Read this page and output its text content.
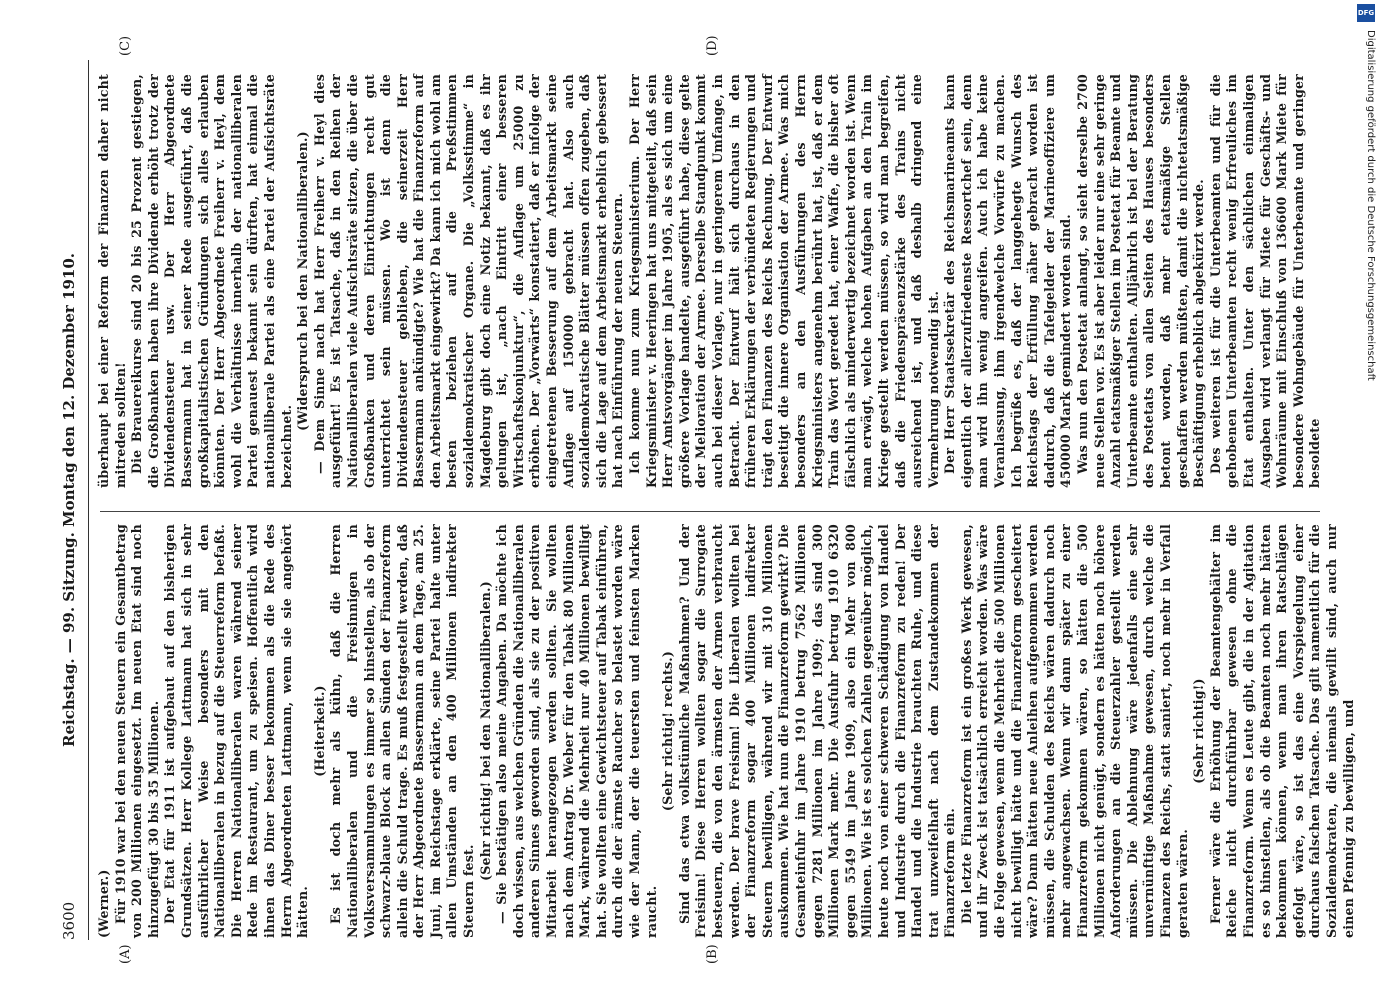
3600
Reichstag. — 99. Sitzung. Montag den 12. Dezember 1910.
(A)	(B)
(C)	(D)

(Werner.) Für 1910 war bei den neuen Steuern ein Gesamtbetrag von 200 Millionen eingesetzt. Im neuen Etat sind noch hinzugefügt 30 bis 35 Millionen. Der Etat für 1911 ist aufgebaut auf den bisherigen Grundsätzen. Herr Kollege Lattmann hat sich in sehr ausführlicher Weise besonders mit den Nationalliberalen in bezug auf die Steuerreform befaßt. Die Herren Nationalliberalen waren während seiner Rede im Restaurant, um zu speisen. Hoffentlich wird ihnen das Diner besser bekommen als die Rede des Herrn Abgeordneten Lattmann, wenn sie sie angehört hätten.

(Heiterkeit.) Es ist doch mehr als kühn, daß die Herren Nationalliberalen und die Freisinnigen in Volksversammlungen es immer so hinstellen, als ob der schwarz-blaue Block an allen Sünden der Finanzreform allein die Schuld trage. Es muß festgestellt werden, daß der Herr Abgeordnete Bassermann an dem Tage, am 25. Juni, im Reichstage erklärte, seine Partei halte unter allen Umständen an den 400 Millionen indirekter Steuern fest.

(Sehr richtig! bei den Nationalliberalen.) — Sie bestätigen also meine Angaben. Da möchte ich doch wissen, aus welchen Gründen die Nationalliberalen anderen Sinnes geworden sind, als sie zu der positiven Mitarbeit herangezogen werden sollten. Sie wollten nach dem Antrag Dr. Weber für den Tabak 80 Millionen Mark, während die Mehrheit nur 40 Millionen bewilligt hat. Sie wollten eine Gewichtsteuer auf Tabak einführen, durch die der ärmste Raucher so belastet worden wäre wie der Mann, der die teuersten und feinsten Marken raucht.

(Sehr richtig! rechts.) Sind das etwa volkstümliche Maßnahmen? Und der Freisinn! Diese Herren wollten sogar die Surrogate besteuern, die von den ärmsten der Armen verbraucht werden. Der brave Freisinn! Die Liberalen wollten bei der Finanzreform sogar 400 Millionen indirekter Steuern bewilligen, während wir mit 310 Millionen auskommen. Wie hat nun die Finanzreform gewirkt? Die Gesamteinfuhr im Jahre 1910 betrug 7562 Millionen gegen 7281 Millionen im Jahre 1909; das sind 300 Millionen Mark mehr. Die Ausfuhr betrug 1910 6320 gegen 5549 im Jahre 1909, also ein Mehr von 800 Millionen. Wie ist es solchen Zahlen gegenüber möglich, heute noch von einer schweren Schädigung von Handel und Industrie durch die Finanzreform zu reden! Der Handel und die Industrie brauchten Ruhe, und diese trat unzweifelhaft nach dem Zustandekommen der Finanzreform ein. Die letzte Finanzreform ist ein großes Werk gewesen, und ihr Zweck ist tatsächlich erreicht worden. Was wäre die Folge gewesen, wenn die Mehrheit die 500 Millionen nicht bewilligt hätte und die Finanzreform gescheitert wäre? Dann hätten neue Anleihen aufgenommen werden müssen, die Schulden des Reichs wären dadurch noch mehr angewachsen. Wenn wir dann später zu einer Finanzreform gekommen wären, so hätten die 500 Millionen nicht genügt, sondern es hätten noch höhere Anforderungen an die Steuerzahler gestellt werden müssen. Die Ablehnung wäre jedenfalls eine sehr unvernünftige Maßnahme gewesen, durch welche die Finanzen des Reichs, statt saniert, noch mehr in Verfall geraten wären.

(Sehr richtig!) Ferner wäre die Erhöhung der Beamtengehälter im Reiche nicht durchführbar gewesen ohne die Finanzreform. Wenn es Leute gibt, die in der Agitation es so hinstellen, als ob die Beamten noch mehr hätten bekommen können, wenn man ihren Ratschlägen gefolgt wäre, so ist das eine Vorspiegelung einer durchaus falschen Tatsache. Das gilt namentlich für die Sozialdemokraten, die niemals gewillt sind, auch nur einen Pfennig zu bewilligen, und

überhaupt bei einer Reform der Finanzen daher nicht mitreden sollten! Die Brauereikurse sind 20 bis 25 Prozent gestiegen, die Großbanken haben ihre Dividende erhöht trotz der Dividendensteuer usw. Der Herr Abgeordnete Bassermann hat in seiner Rede ausgeführt, daß die großkapitalistischen Gründungen sich alles erlauben könnten. Der Herr Abgeordnete Freiherr v. Heyl, dem wohl die Verhältnisse innerhalb der nationalliberalen Partei genauest bekannt sein dürften, hat einmal die nationalliberale Partei als eine Partei der Aufsichtsräte bezeichnet.

(Widerspruch bei den Nationalliberalen.) — Dem Sinne nach hat Herr Freiherr v. Heyl dies ausgeführt! Es ist Tatsache, daß in den Reihen der Nationalliberalen viele Aufsichtsräte sitzen, die über die Großbanken und deren Einrichtungen recht gut unterrichtet sein müssen. Wo ist denn die Dividendensteuer geblieben, die seinerzeit Herr Bassermann ankündigte? Wie hat die Finanzreform auf den Arbeitsmarkt eingewirkt? Da kann ich mich wohl am besten beziehen auf die Preßstimmen sozialdemokratischer Organe. Die „Volksstimme“ in Magdeburg gibt doch eine Notiz bekannt, daß es ihr gelungen ist, „nach Eintritt einer besseren Wirtschaftskonjunktur“, die Auflage um 25000 zu erhöhen. Der „Vorwärts“ konstatiert, daß er infolge der eingetretenen Besserung auf dem Arbeitsmarkt seine Auflage auf 150000 gebracht hat. Also auch sozialdemokratische Blätter müssen offen zugeben, daß sich die Lage auf dem Arbeitsmarkt erheblich gebessert hat nach Einführung der neuen Steuern. Ich komme nun zum Kriegsministerium. Der Herr Kriegsminister v. Heeringen hat uns mitgeteilt, daß sein Herr Amtsvorgänger im Jahre 1905, als es sich um eine größere Vorlage handelte, ausgeführt habe, diese gelte der Melioration der Armee. Derselbe Standpunkt kommt auch bei dieser Vorlage, nur in geringerem Umfange, in Betracht. Der Entwurf hält sich durchaus in den früheren Erklärungen der verbündeten Regierungen und trägt den Finanzen des Reichs Rechnung. Der Entwurf beseitigt die innere Organisation der Armee. Was mich besonders an den Ausführungen des Herrn Kriegsministers angenehm berührt hat, ist, daß er dem Train das Wort geredet hat, einer Waffe, die bisher oft fälschlich als minderwertig bezeichnet worden ist. Wenn man erwägt, welche hohen Aufgaben an den Train im Kriege gestellt werden müssen, so wird man begreifen, daß die Friedenspräsenzstärke des Trains nicht ausreichend ist, und daß deshalb dringend eine Vermehrung notwendig ist. Der Herr Staatssekretär des Reichsmarineamts kann eigentlich der allerzufriedenste Ressortchef sein, denn man wird ihn wenig angreifen. Auch ich habe keine Veranlassung, ihm irgendwelche Vorwürfe zu machen. Ich begrüße es, daß der langgehegte Wunsch des Reichstags der Erfüllung näher gebracht worden ist dadurch, daß die Tafelgelder der Marineoffiziere um 450000 Mark gemindert worden sind. Was nun den Postetat anlangt, so sieht derselbe 2700 neue Stellen vor. Es ist aber leider nur eine sehr geringe Anzahl etatsmäßiger Stellen im Postetat für Beamte und Unterbeamte enthalten. Alljährlich ist bei der Beratung des Postetats von allen Seiten des Hauses besonders betont worden, daß mehr etatsmäßige Stellen geschaffen werden müßten, damit die nichtetatsmäßige Beschäftigung erheblich abgekürzt werde. Des weiteren ist für die Unterbeamten und für die gehobenen Unterbeamten recht wenig Erfreuliches im Etat enthalten. Unter den sächlichen einmaligen Ausgaben wird verlangt für Miete für Geschäfts- und Wohnräume mit Einschluß von 136600 Mark Miete für besondere Wohngebäude für Unterbeamte und geringer besoldete

DFG
Digitalisierung gefördert durch die Deutsche Forschungsgemeinschaft
